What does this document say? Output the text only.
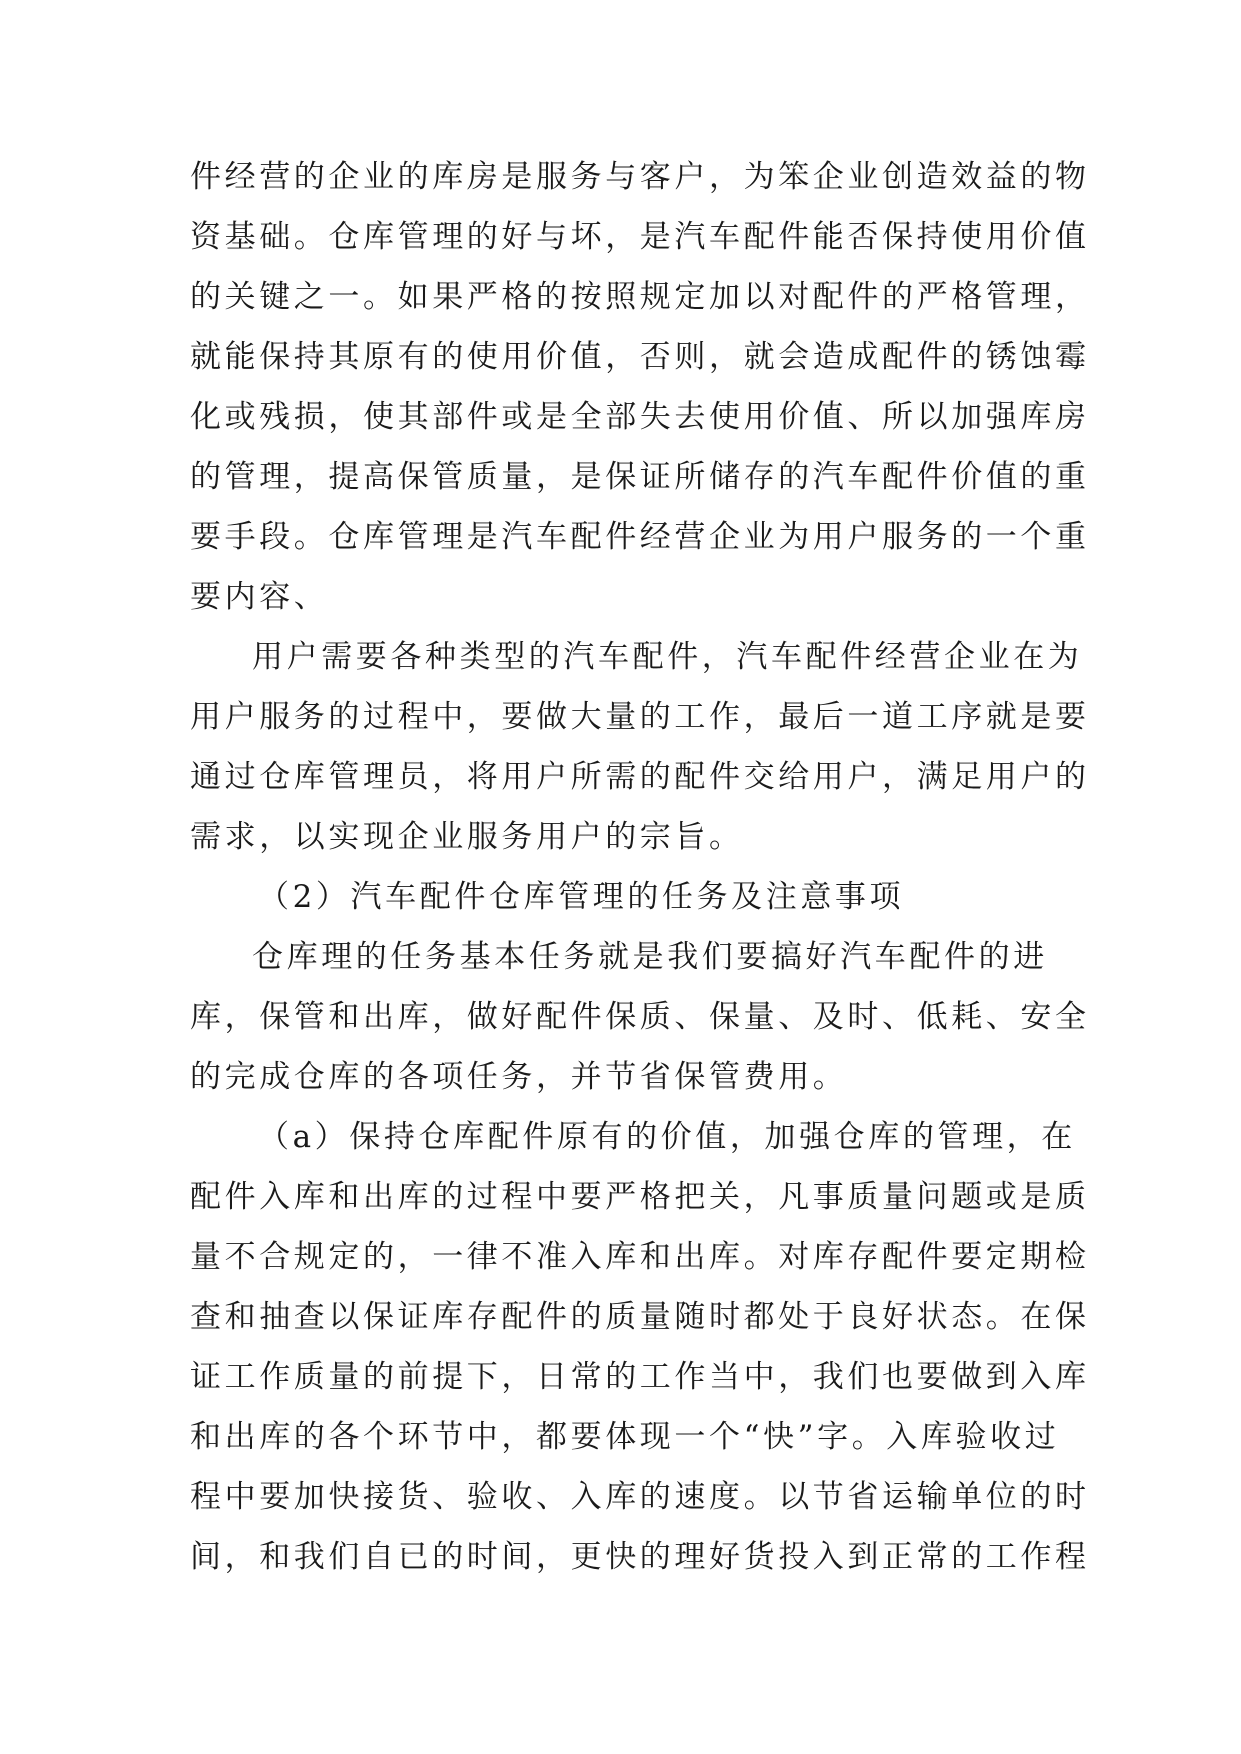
件经营的企业的库房是服务与客户，为笨企业创造效益的物
资基础。仓库管理的好与坏，是汽车配件能否保持使用价值
的关键之一。如果严格的按照规定加以对配件的严格管理，
就能保持其原有的使用价值，否则，就会造成配件的锈蚀霉
化或残损，使其部件或是全部失去使用价值、所以加强库房
的管理，提高保管质量，是保证所储存的汽车配件价值的重
要手段。仓库管理是汽车配件经营企业为用户服务的一个重
要内容、
用户需要各种类型的汽车配件，汽车配件经营企业在为
用户服务的过程中，要做大量的工作，最后一道工序就是要
通过仓库管理员，将用户所需的配件交给用户，满足用户的
需求，以实现企业服务用户的宗旨。
（2）汽车配件仓库管理的任务及注意事项
仓库理的任务基本任务就是我们要搞好汽车配件的进
库，保管和出库，做好配件保质、保量、及时、低耗、安全
的完成仓库的各项任务，并节省保管费用。
（a）保持仓库配件原有的价值，加强仓库的管理，在
配件入库和出库的过程中要严格把关，凡事质量问题或是质
量不合规定的，一律不准入库和出库。对库存配件要定期检
查和抽查以保证库存配件的质量随时都处于良好状态。在保
证工作质量的前提下，日常的工作当中，我们也要做到入库
和出库的各个环节中，都要体现一个“快”字。入库验收过
程中要加快接货、验收、入库的速度。以节省运输单位的时
间，和我们自已的时间，更快的理好货投入到正常的工作程
